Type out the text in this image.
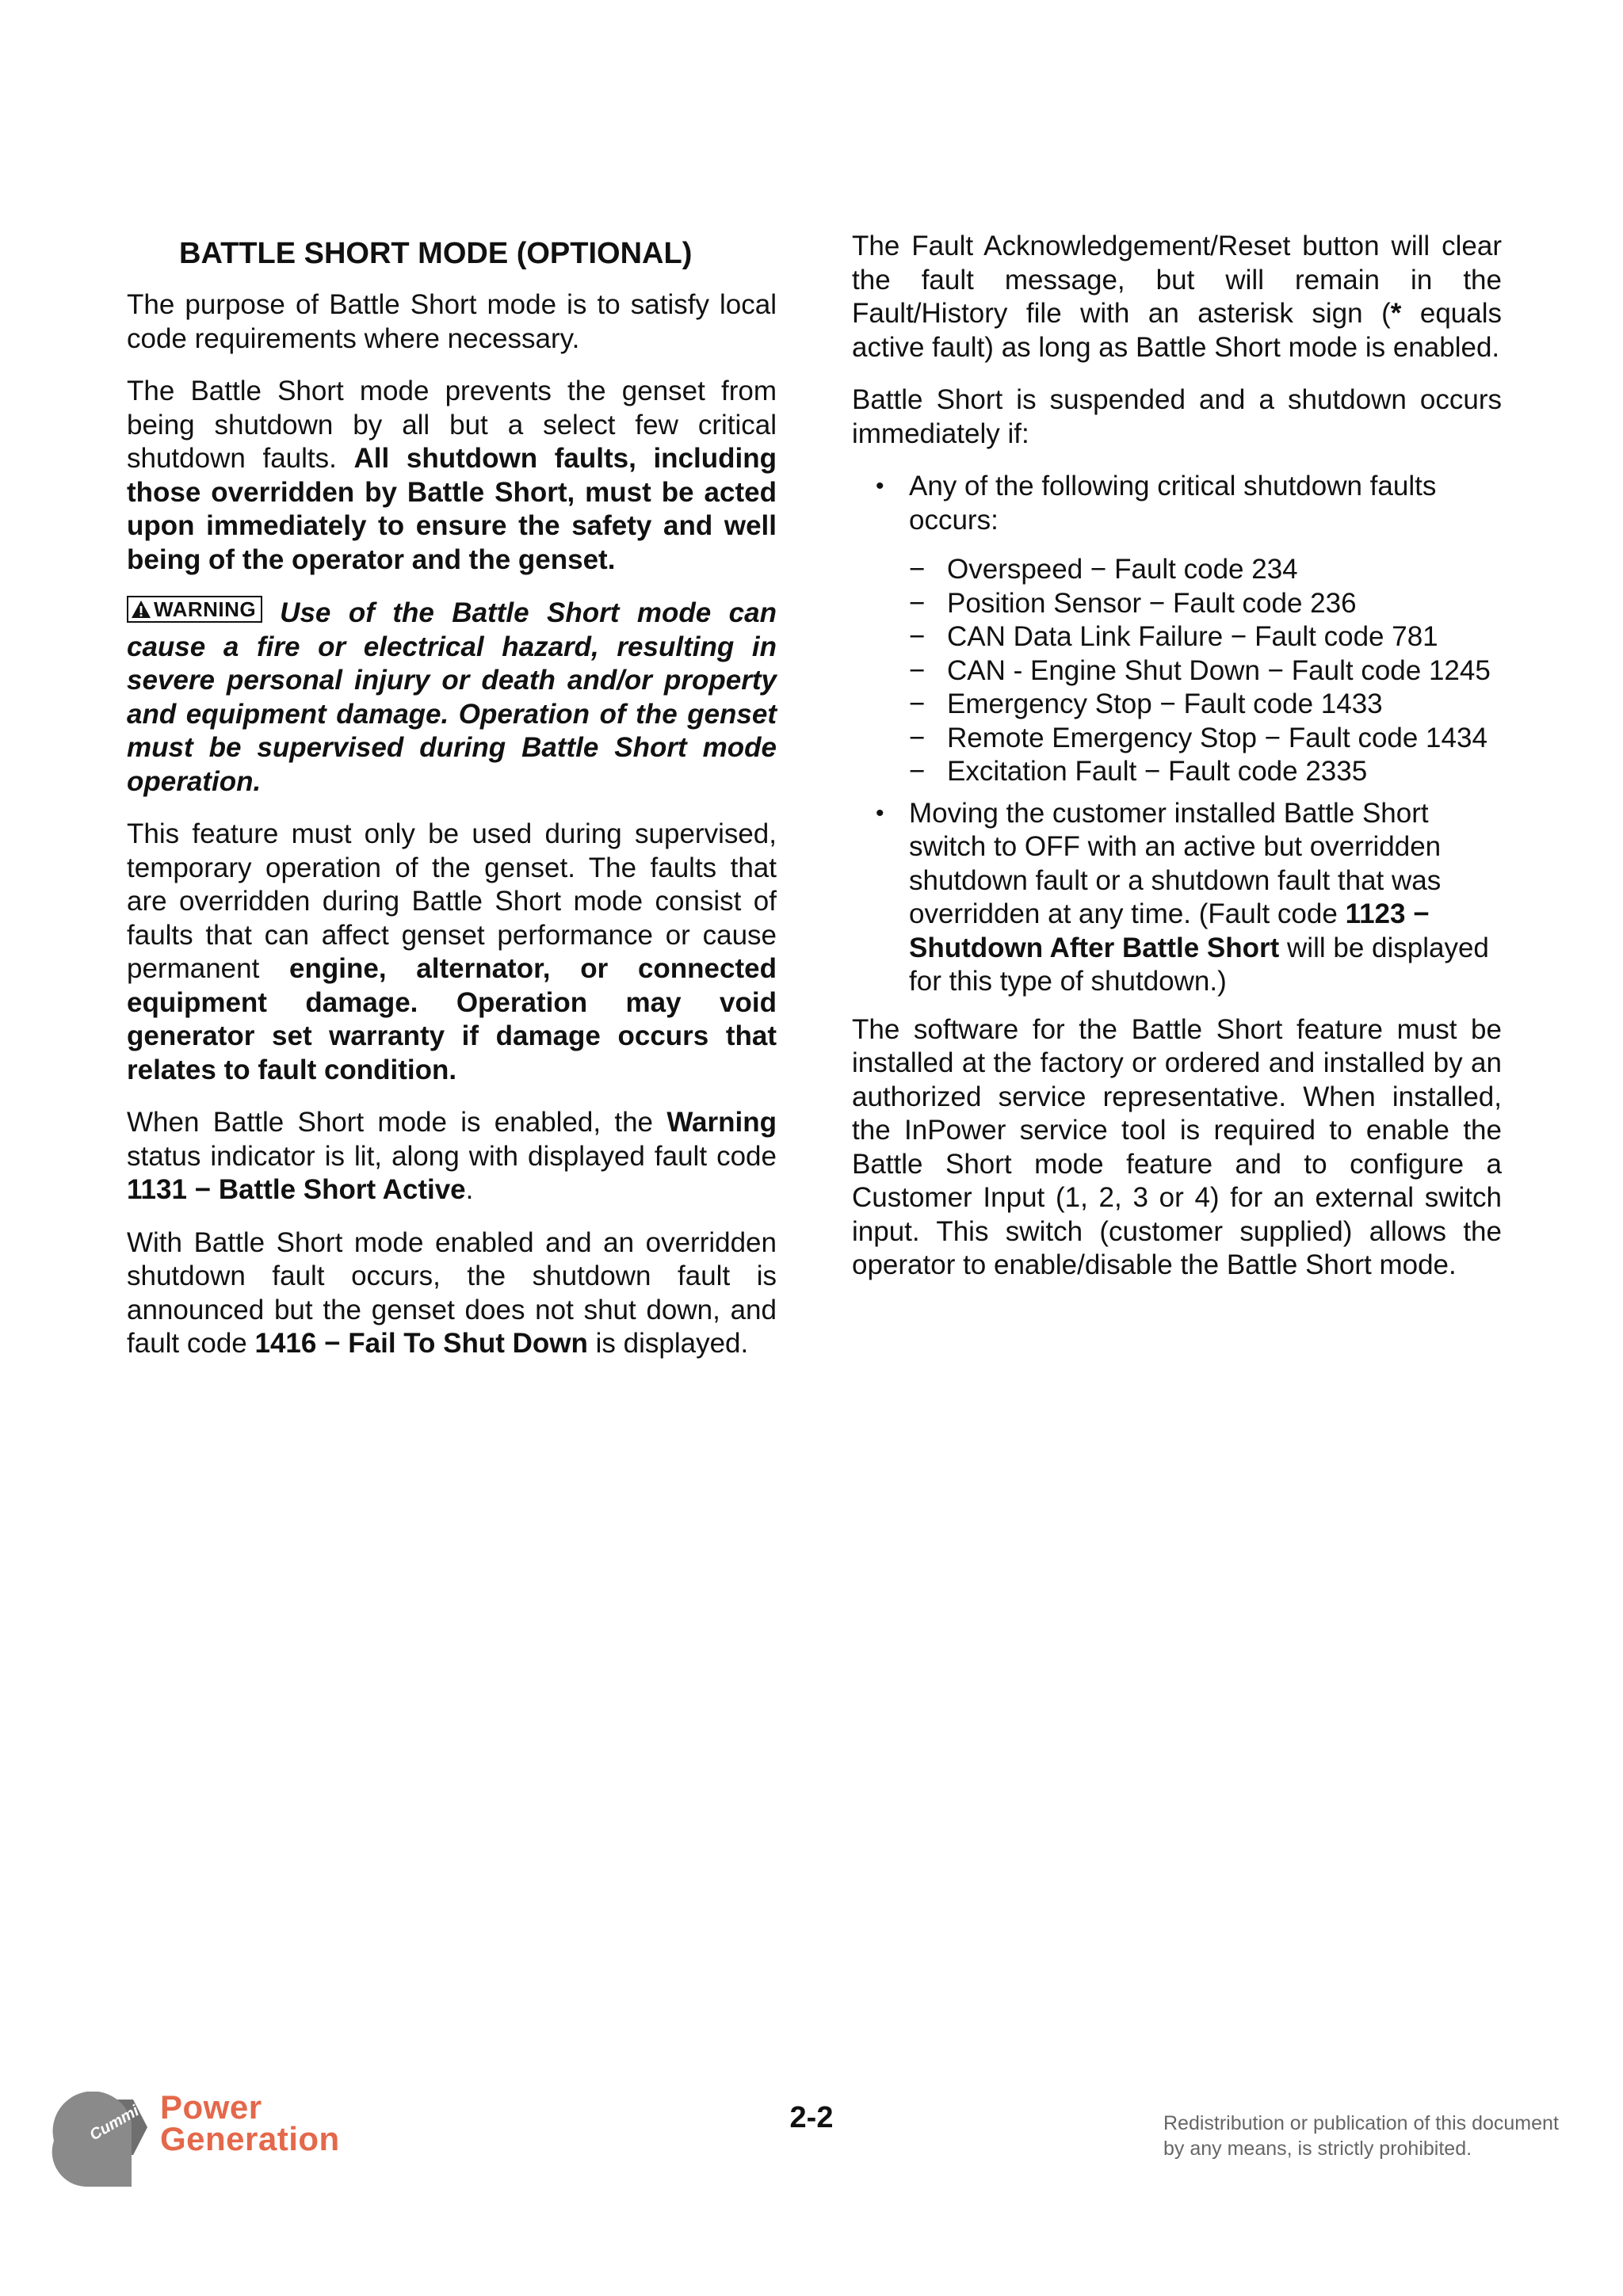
BATTLE SHORT MODE (OPTIONAL)

The purpose of Battle Short mode is to satisfy local code requirements where necessary.

The Battle Short mode prevents the genset from being shutdown by all but a select few critical shutdown faults. All shutdown faults, including those overridden by Battle Short, must be acted upon immediately to ensure the safety and well being of the operator and the genset.

WARNING Use of the Battle Short mode can cause a fire or electrical hazard, resulting in severe personal injury or death and/or property and equipment damage. Operation of the genset must be supervised during Battle Short mode operation.

This feature must only be used during supervised, temporary operation of the genset. The faults that are overridden during Battle Short mode consist of faults that can affect genset performance or cause permanent engine, alternator, or connected equipment damage. Operation may void generator set warranty if damage occurs that relates to fault condition.

When Battle Short mode is enabled, the Warning status indicator is lit, along with displayed fault code 1131 − Battle Short Active.

With Battle Short mode enabled and an overridden shutdown fault occurs, the shutdown fault is announced but the genset does not shut down, and fault code 1416 − Fail To Shut Down is displayed.

The Fault Acknowledgement/Reset button will clear the fault message, but will remain in the Fault/History file with an asterisk sign (* equals active fault) as long as Battle Short mode is enabled.

Battle Short is suspended and a shutdown occurs immediately if:

• Any of the following critical shutdown faults occurs:
− Overspeed − Fault code 234
− Position Sensor − Fault code 236
− CAN Data Link Failure − Fault code 781
− CAN - Engine Shut Down − Fault code 1245
− Emergency Stop − Fault code 1433
− Remote Emergency Stop − Fault code 1434
− Excitation Fault − Fault code 2335
• Moving the customer installed Battle Short switch to OFF with an active but overridden shutdown fault or a shutdown fault that was overridden at any time. (Fault code 1123 − Shutdown After Battle Short will be displayed for this type of shutdown.)

The software for the Battle Short feature must be installed at the factory or ordered and installed by an authorized service representative. When installed, the InPower service tool is required to enable the Battle Short mode feature and to configure a Customer Input (1, 2, 3 or 4) for an external switch input. This switch (customer supplied) allows the operator to enable/disable the Battle Short mode.

Cummins Power
Generation
2-2	Redistribution or publication of this document
by any means, is strictly prohibited.
